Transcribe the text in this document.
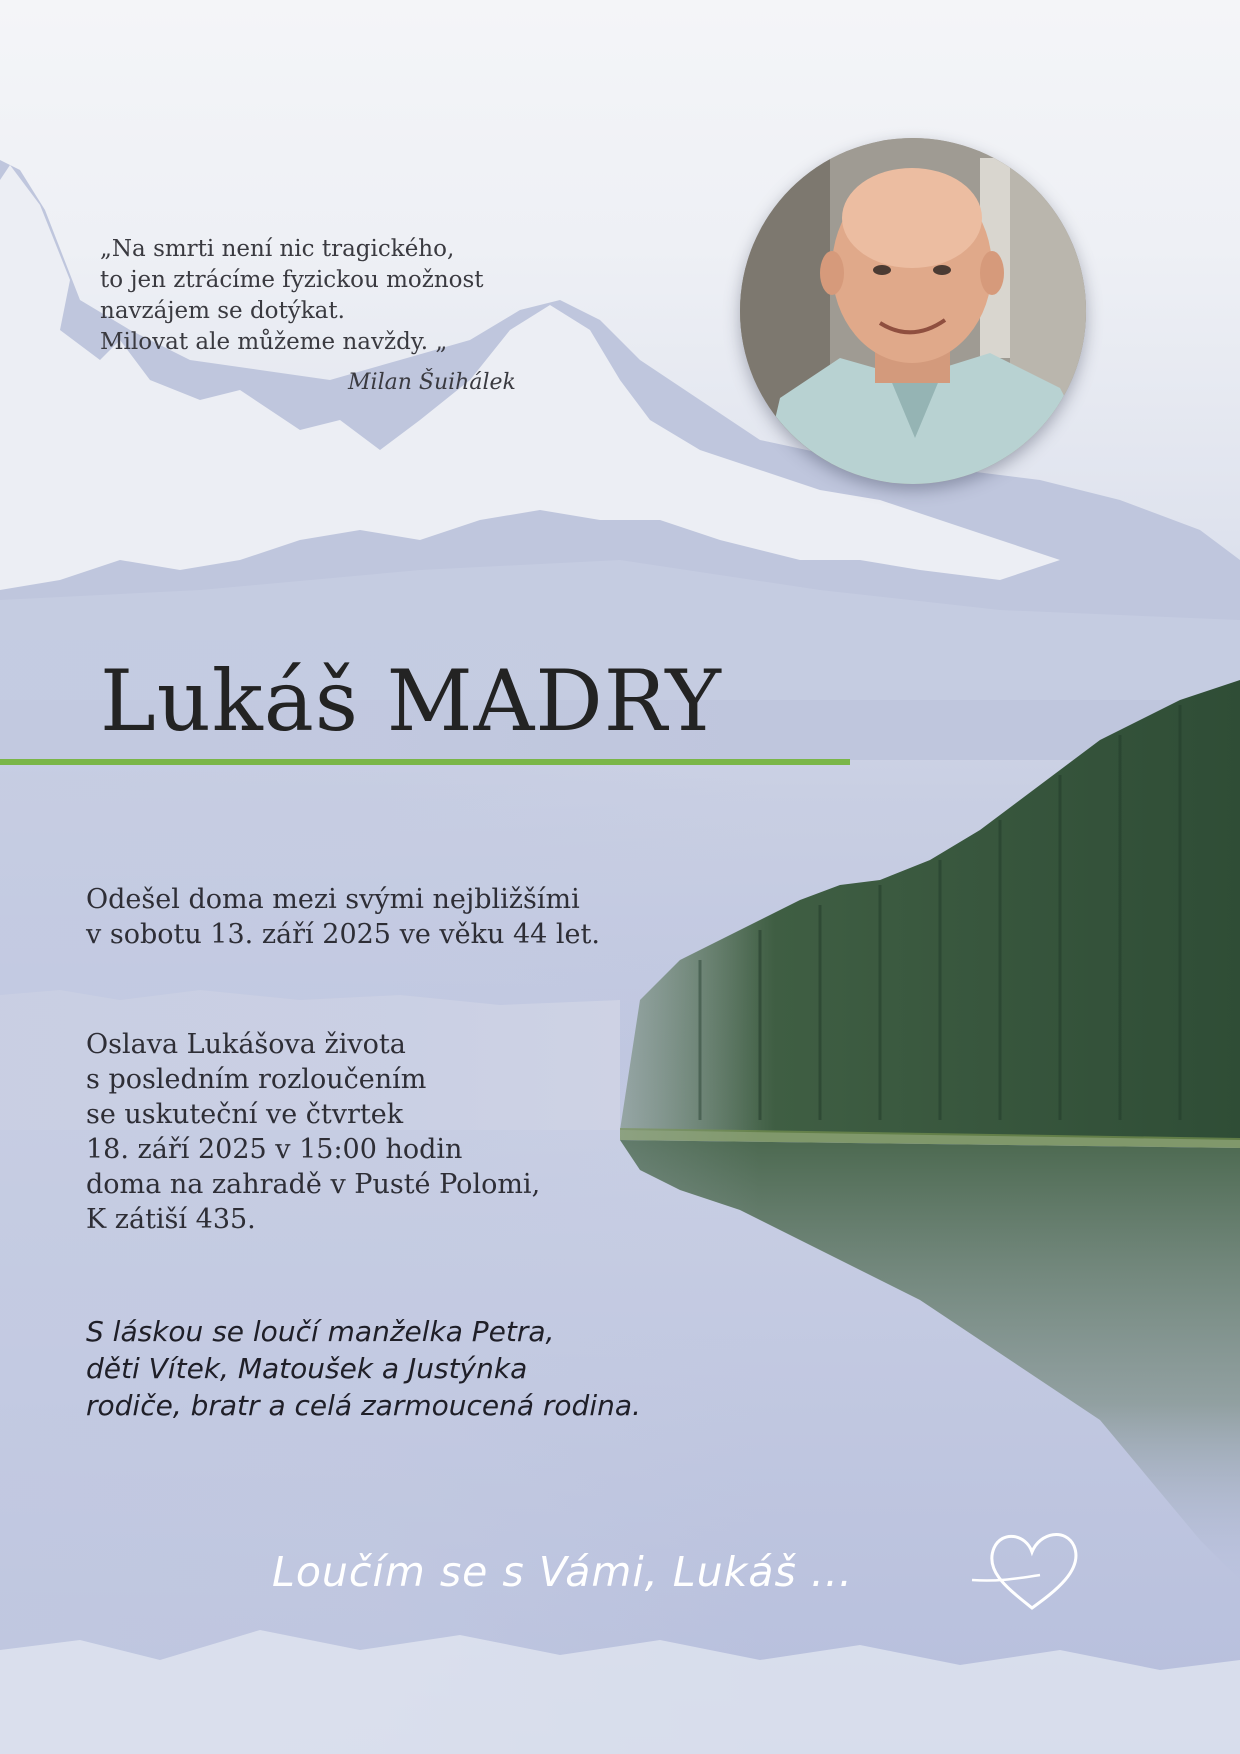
„Na smrti není nic tragického,
to jen ztrácíme fyzickou možnost
navzájem se dotýkat.
Milovat ale můžeme navždy. „
Milan Šuihálek
Lukáš MADRY
Odešel doma mezi svými nejbližšími
v sobotu 13. září 2025 ve věku 44 let.
Oslava Lukášova života
s posledním rozloučením
se uskuteční ve čtvrtek
18. září 2025 v 15:00 hodin
doma na zahradě v Pusté Polomi,
K zátiší 435.
S láskou se loučí manželka Petra,
děti Vítek, Matoušek a Justýnka
rodiče, bratr a celá zarmoucená rodina.
Loučím se s Vámi, Lukáš ...
